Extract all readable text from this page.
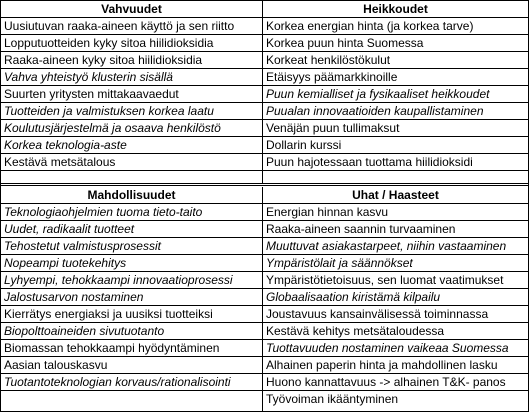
Vahvuudet
Uusiutuvan raaka-aineen käyttö ja sen riitto
Lopputuotteiden kyky sitoa hiilidioksidia
Raaka-aineen kyky sitoa hiilidioksidia
Vahva yhteistyö klusterin sisällä
Suurten yritysten mittakaavaedut
Tuotteiden ja valmistuksen korkea laatu
Koulutusjärjestelmä ja osaava henkilöstö
Korkea teknologia-aste
Kestävä metsätalous
Heikkoudet
Korkea energian hinta (ja korkea tarve)
Korkea puun hinta Suomessa
Korkeat henkilöstökulut
Etäisyys päämarkkinoille
Puun kemialliset ja fysikaaliset heikkoudet
Puualan innovaatioiden kaupallistaminen
Venäjän puun tullimaksut
Dollarin kurssi
Puun hajotessaan tuottama hiilidioksidi
Mahdollisuudet
Teknologiaohjelmien tuoma tieto-taito
Uudet, radikaalit tuotteet
Tehostetut valmistusprosessit
Nopeampi tuotekehitys
Lyhyempi, tehokkaampi innovaatioprosessi
Jalostusarvon nostaminen
Kierrätys energiaksi ja uusiksi tuotteiksi
Biopolttoaineiden sivutuotanto
Biomassan tehokkaampi hyödyntäminen
Aasian talouskasvu
Tuotantoteknologian korvaus/rationalisointi
Uhat / Haasteet
Energian hinnan kasvu
Raaka-aineen saannin turvaaminen
Muuttuvat asiakastarpeet, niihin vastaaminen
Ympäristölait ja säännökset
Ympäristötietoisuus, sen luomat vaatimukset
Globaalisaation kiristämä kilpailu
Joustavuus kansainvälisessä toiminnassa
Kestävä kehitys metsätaloudessa
Tuottavuuden nostaminen vaikeaa Suomessa
Alhainen paperin hinta ja mahdollinen lasku
Huono kannattavuus -> alhainen T&K- panos
Työvoiman ikääntyminen
